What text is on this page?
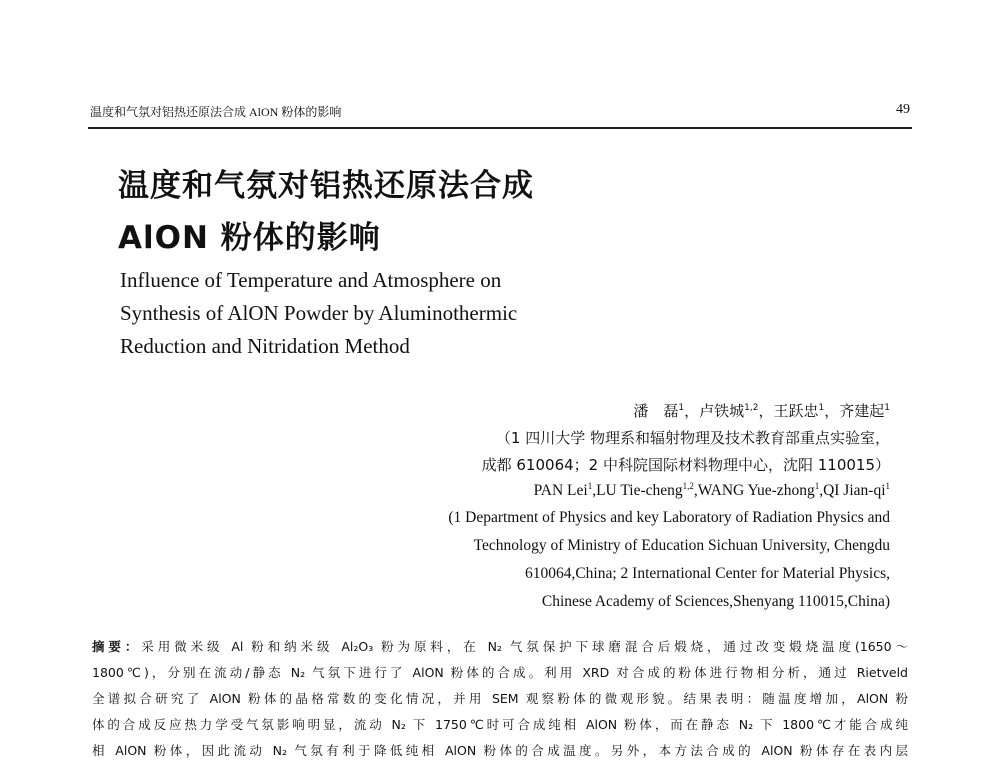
温度和气氛对铝热还原法合成 AlON 粉体的影响	49
温度和气氛对铝热还原法合成
AlON 粉体的影响
Influence of Temperature and Atmosphere on
Synthesis of AlON Powder by Aluminothermic
Reduction and Nitridation Method
潘　磊$^1$，卢铁城$^{1,2}$，王跃忠$^1$，齐建起$^1$
（1 四川大学 物理系和辐射物理及技术教育部重点实验室，
成都 610064；2 中科院国际材料物理中心，沈阳 110015）
PAN Lei$^1$,LU Tie-cheng$^{1,2}$,WANG Yue-zhong$^1$,QI Jian-$qi^1$
(1 Department of Physics and key Laboratory of Radiation Physics and
Technology of Ministry of Education Sichuan University, Chengdu
610064,China; 2 International Center for Material Physics,
Chinese Academy of Sciences,Shenyang 110015,China)
摘要：采用微米级 Al 粉和纳米级 Al₂O₃ 粉为原料，在 N₂ 气氛保护下球磨混合后煅烧，通过改变煅烧温度(1650～
1800℃)，分别在流动/静态 N₂ 气氛下进行了 AlON 粉体的合成。利用 XRD 对合成的粉体进行物相分析，通过 Rietveld
全谱拟合研究了 AlON 粉体的晶格常数的变化情况，并用 SEM 观察粉体的微观形貌。结果表明：随温度增加，AlON 粉
体的合成反应热力学受气氛影响明显，流动 N₂ 下 1750℃时可合成纯相 AlON 粉体，而在静态 N₂ 下 1800℃才能合成纯
相 AlON 粉体，因此流动 N₂ 气氛有利于降低纯相 AlON 粉体的合成温度。另外，本方法合成的 AlON 粉体存在表内层
